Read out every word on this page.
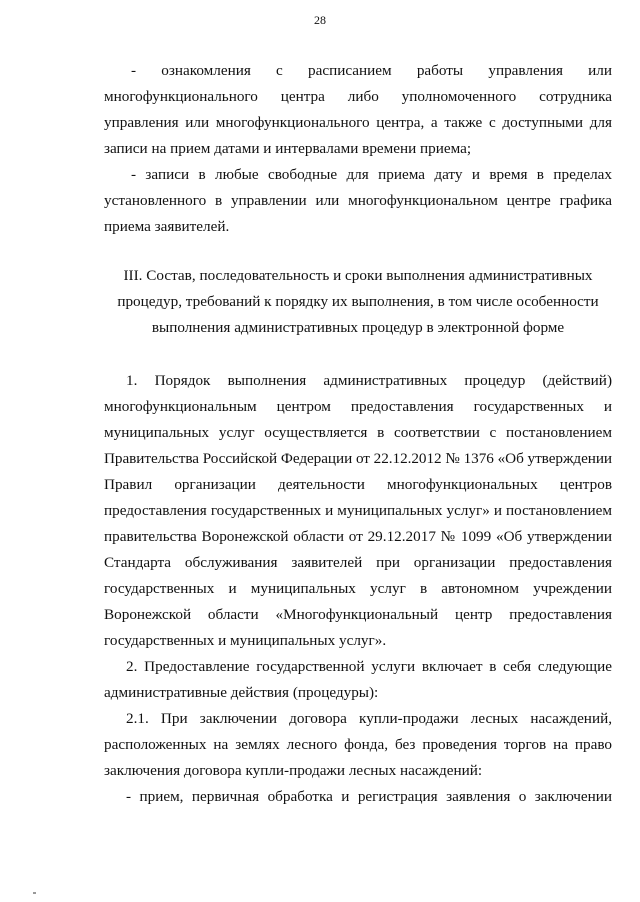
28
- ознакомления с расписанием работы управления или
многофункционального центра либо уполномоченного сотрудника
управления или многофункционального центра, а также с доступными для
записи на прием датами и интервалами времени приема;
- записи в любые свободные для приема дату и время в пределах
установленного в управлении или многофункциональном центре графика
приема заявителей.
III. Состав, последовательность и сроки выполнения административных
процедур, требований к порядку их выполнения, в том числе особенности
выполнения административных процедур в электронной форме
1. Порядок выполнения административных процедур (действий)
многофункциональным центром предоставления государственных и
муниципальных услуг осуществляется в соответствии с постановлением
Правительства Российской Федерации от 22.12.2012 № 1376 «Об утверждении
Правил организации деятельности многофункциональных центров
предоставления государственных и муниципальных услуг» и постановлением
правительства Воронежской области от 29.12.2017 № 1099 «Об утверждении
Стандарта обслуживания заявителей при организации предоставления
государственных и муниципальных услуг в автономном учреждении
Воронежской области «Многофункциональный центр предоставления
государственных и муниципальных услуг».
2. Предоставление государственной услуги включает в себя следующие
административные действия (процедуры):
2.1. При заключении договора купли-продажи лесных насаждений,
расположенных на землях лесного фонда, без проведения торгов на право
заключения договора купли-продажи лесных насаждений:
- прием, первичная обработка и регистрация заявления о заключении
